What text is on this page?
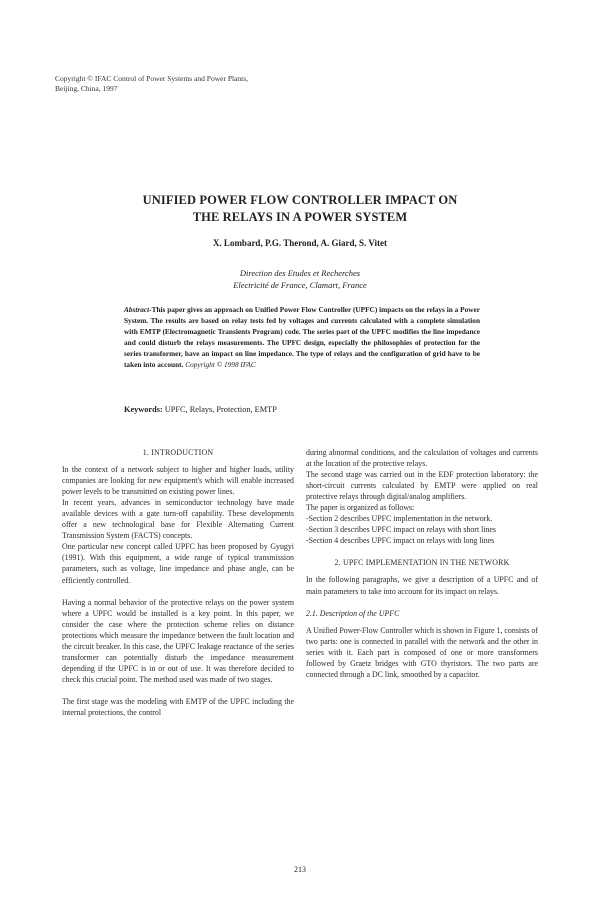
Copyright © IFAC Control of Power Systems and Power Plants,
Beijing, China, 1997
UNIFIED POWER FLOW CONTROLLER IMPACT ON
THE RELAYS IN A POWER SYSTEM
X. Lombard, P.G. Therond, A. Giard, S. Vitet
Direction des Etudes et Recherches
Electricité de France, Clamart, France
Abstract-This paper gives an approach on Unified Power Flow Controller (UPFC) impacts on the relays in a Power System. The results are based on relay tests fed by voltages and currents calculated with a complete simulation with EMTP (Electromagnetic Transients Program) code. The series part of the UPFC modifies the line impedance and could disturb the relays measurements. The UPFC design, especially the philosophies of protection for the series transformer, have an impact on line impedance. The type of relays and the configuration of grid have to be taken into account. Copyright © 1998 IFAC
Keywords: UPFC, Relays, Protection, EMTP
1. INTRODUCTION

In the context of a network subject to higher and higher loads, utility companies are looking for new equipment's which will enable increased power levels to be transmitted on existing power lines.

In recent years, advances in semiconductor technology have made available devices with a gate turn-off capability. These developments offer a new technological base for Flexible Alternating Current Transmission System (FACTS) concepts.

One particular new concept called UPFC has been proposed by Gyugyi (1991). With this equipment, a wide range of typical transmission parameters, such as voltage, line impedance and phase angle, can be efficiently controlled.

Having a normal behavior of the protective relays on the power system where a UPFC would be installed is a key point. In this paper, we consider the case where the protection scheme relies on distance protections which measure the impedance between the fault location and the circuit breaker. In this case, the UPFC leakage reactance of the series transformer can potentially disturb the impedance measurement depending if the UPFC is in or out of use. It was therefore decided to check this crucial point. The method used was made of two stages.

The first stage was the modeling with EMTP of the UPFC including the internal protections, the control

during abnormal conditions, and the calculation of voltages and currents at the location of the protective relays.

The second stage was carried out in the EDF protection laboratory: the short-circuit currents calculated by EMTP were applied on real protective relays through digital/analog amplifiers.

The paper is organized as follows:

-Section 2 describes UPFC implementation in the network.

-Section 3 describes UPFC impact on relays with short lines

-Section 4 describes UPFC impact on relays with long lines

2. UPFC IMPLEMENTATION IN THE NETWORK

In the following paragraphs, we give a description of a UPFC and of main parameters to take into account for its impact on relays.

2.1. Description of the UPFC

A Unified Power-Flow Controller which is shown in Figure 1, consists of two parts: one is connected in parallel with the network and the other in series with it. Each part is composed of one or more transformers followed by Graetz bridges with GTO thyristors. The two parts are connected through a DC link, smoothed by a capacitor.

213
